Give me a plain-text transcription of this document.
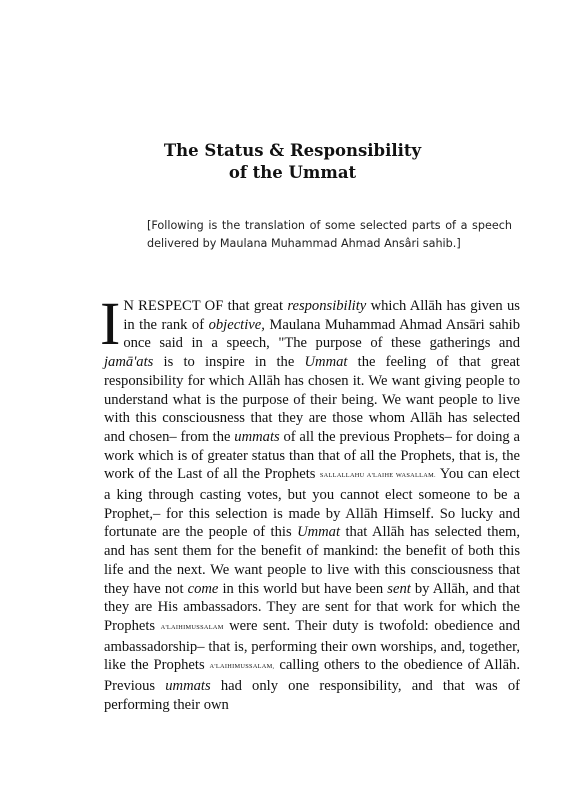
The Status & Responsibility
of the Ummat
[Following is the translation of some selected parts of a speech delivered by Maulana Muhammad Ahmad Ansâri sahib.]

I N RESPECT OF that great responsibility which Allāh has given us in the rank of objective, Maulana Muhammad Ahmad Ansāri sahib once said in a speech, "The purpose of these gatherings and jamā'ats is to inspire in the Ummat the feeling of that great responsibility for which Allāh has chosen it. We want giving people to understand what is the purpose of their being. We want people to live with this consciousness that they are those whom Allāh has selected and chosen– from the ummats of all the previous Prophets– for doing a work which is of greater status than that of all the Prophets, that is, the work of the Last of all the Prophets SALLALLAHU A'LAIHE WASALLAM. You can elect a king through casting votes, but you cannot elect someone to be a Prophet,– for this selection is made by Allāh Himself. So lucky and fortunate are the people of this Ummat that Allāh has selected them, and has sent them for the benefit of mankind: the benefit of both this life and the next. We want people to live with this consciousness that they have not come in this world but have been sent by Allāh, and that they are His ambassadors. They are sent for that work for which the Prophets A'LAIHIMUSSALAM were sent. Their duty is twofold: obedience and ambassadorship– that is, performing their own worships, and, together, like the Prophets A'LAIHIMUSSALAM, calling others to the obedience of Allāh. Previous ummats had only one responsibility, and that was of performing their own
